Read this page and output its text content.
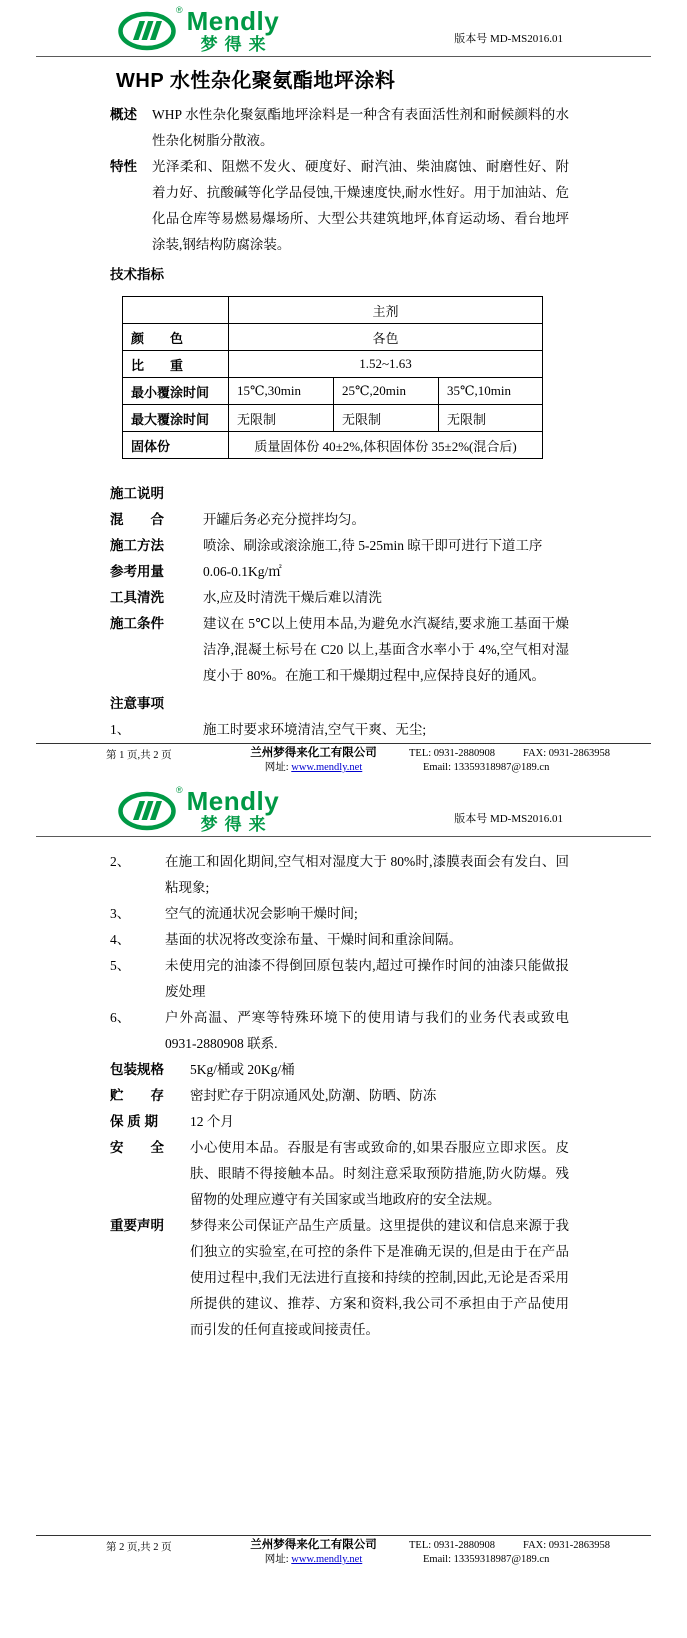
® Mendly
梦得来	版本号 MD-MS2016.01
WHP 水性杂化聚氨酯地坪涂料
概述	WHP 水性杂化聚氨酯地坪涂料是一种含有表面活性剂和耐候颜料的水性杂化树脂分散液。
特性	光泽柔和、阻燃不发火、硬度好、耐汽油、柴油腐蚀、耐磨性好、附着力好、抗酸碱等化学品侵蚀,干燥速度快,耐水性好。用于加油站、危化品仓库等易燃易爆场所、大型公共建筑地坪,体育运动场、看台地坪涂装,钢结构防腐涂装。
技术指标
	主剂		
颜　　色	各色		
比　　重	1.52~1.63		
最小覆涂时间	15℃,30min	25℃,20min	35℃,10min
最大覆涂时间	无限制	无限制	无限制
固体份	质量固体份 40±2%,体积固体份 35±2%(混合后)		
施工说明
混　　合	开罐后务必充分搅拌均匀。
施工方法	喷涂、刷涂或滚涂施工,待 5-25min 晾干即可进行下道工序
参考用量	0.06-0.1Kg/㎡
工具清洗	水,应及时清洗干燥后难以清洗
施工条件	建议在 5℃以上使用本品,为避免水汽凝结,要求施工基面干燥洁净,混凝土标号在 C20 以上,基面含水率小于 4%,空气相对湿度小于 80%。在施工和干燥期过程中,应保持良好的通风。
注意事项
1、	施工时要求环境清洁,空气干爽、无尘;
第 1 页,共 2 页	兰州梦得来化工有限公司
网址: www.mendly.net
TEL: 0931-2880908	FAX: 0931-2863958
Email: 13359318987@189.cn
® Mendly
梦得来	版本号 MD-MS2016.01
2、	在施工和固化期间,空气相对湿度大于 80%时,漆膜表面会有发白、回粘现象;
3、	空气的流通状况会影响干燥时间;
4、	基面的状况将改变涂布量、干燥时间和重涂间隔。
5、	未使用完的油漆不得倒回原包装内,超过可操作时间的油漆只能做报废处理
6、	户外高温、严寒等特殊环境下的使用请与我们的业务代表或致电 0931-2880908 联系.
包装规格	5Kg/桶或 20Kg/桶
贮　　存	密封贮存于阴凉通风处,防潮、防晒、防冻
保 质 期	12 个月
安　　全	小心使用本品。吞服是有害或致命的,如果吞服应立即求医。皮肤、眼睛不得接触本品。时刻注意采取预防措施,防火防爆。残留物的处理应遵守有关国家或当地政府的安全法规。
重要声明	梦得来公司保证产品生产质量。这里提供的建议和信息来源于我们独立的实验室,在可控的条件下是准确无误的,但是由于在产品使用过程中,我们无法进行直接和持续的控制,因此,无论是否采用所提供的建议、推荐、方案和资料,我公司不承担由于产品使用而引发的任何直接或间接责任。
第 2 页,共 2 页	兰州梦得来化工有限公司
网址: www.mendly.net
TEL: 0931-2880908	FAX: 0931-2863958
Email: 13359318987@189.cn
